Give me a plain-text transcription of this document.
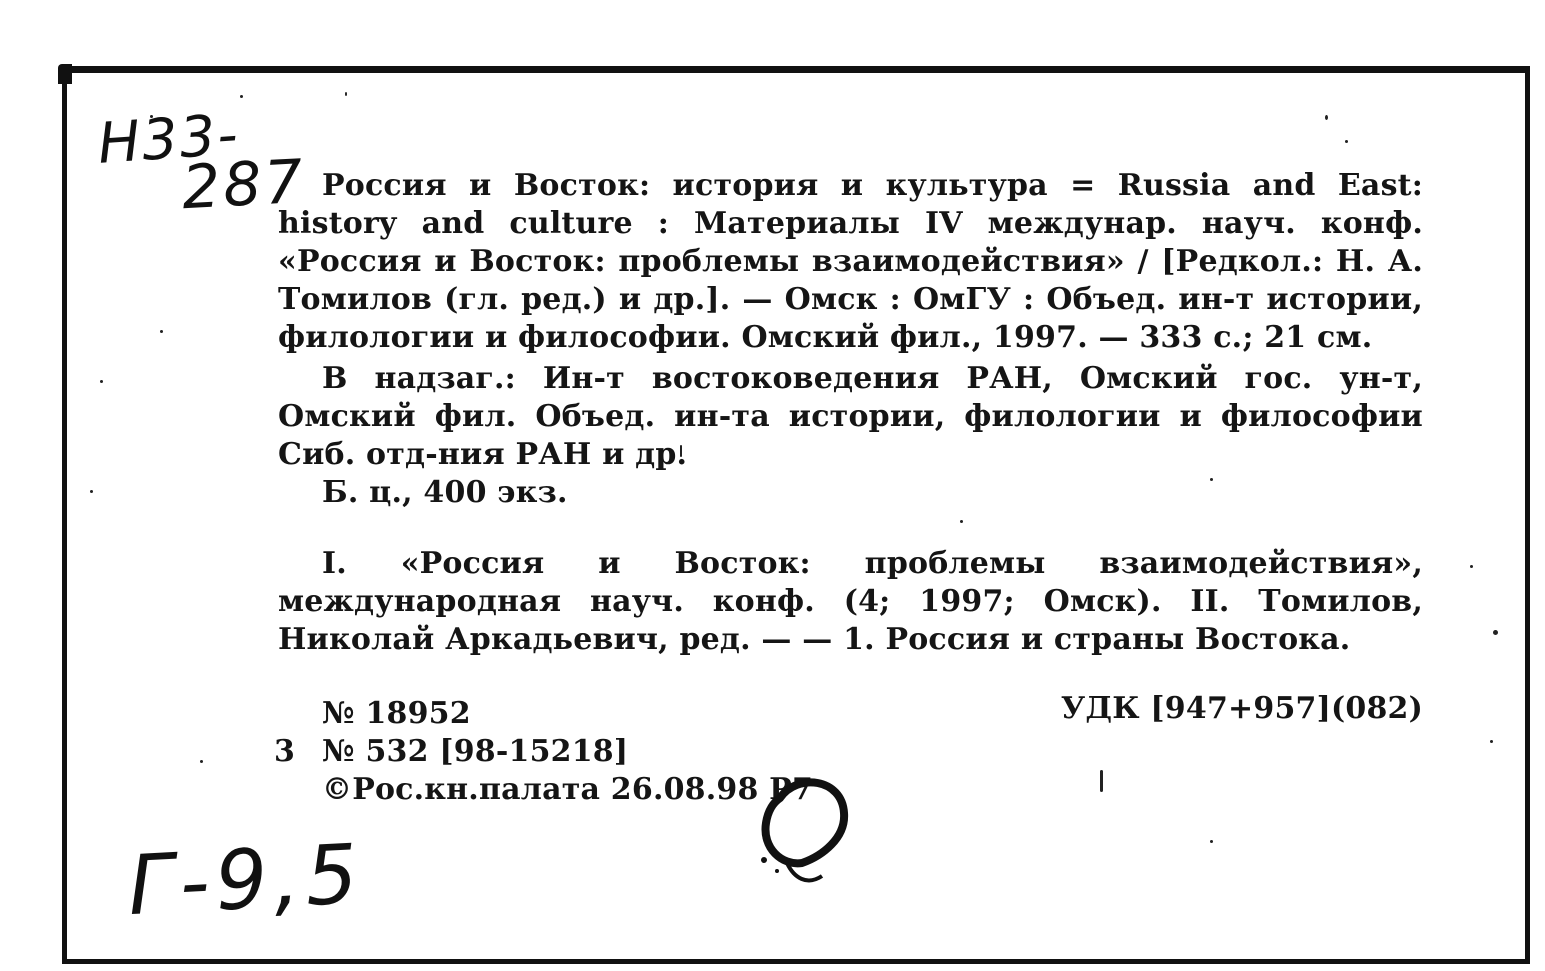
Н33-
287 Россия и Восток: история и культура = Russia and East: history and culture : Материалы IV междунар. науч. конф. «Россия и Восток: проблемы взаимодействия» / [Редкол.: Н. А. Томилов (гл. ред.) и др.]. — Омск : ОмГУ : Объед. ин-т истории, филологии и философии. Омский фил., 1997. — 333 с.; 21 см.
В надзаг.: Ин-т востоковедения РАН, Омский гос. ун-т, Омский фил. Объед. ин-та истории, филологии и философии Сиб. отд-ния РАН и др.
Б. ц., 400 экз.
I. «Россия и Восток: проблемы взаимодействия», международная науч. конф. (4; 1997; Омск). II. Томилов, Николай Аркадьевич, ред. — — 1. Россия и страны Востока.
№ 18952	УДК [947+957](082)
3 № 532 [98-15218]
©Рос.кн.палата 26.08.98 Р7
Г-9,5
